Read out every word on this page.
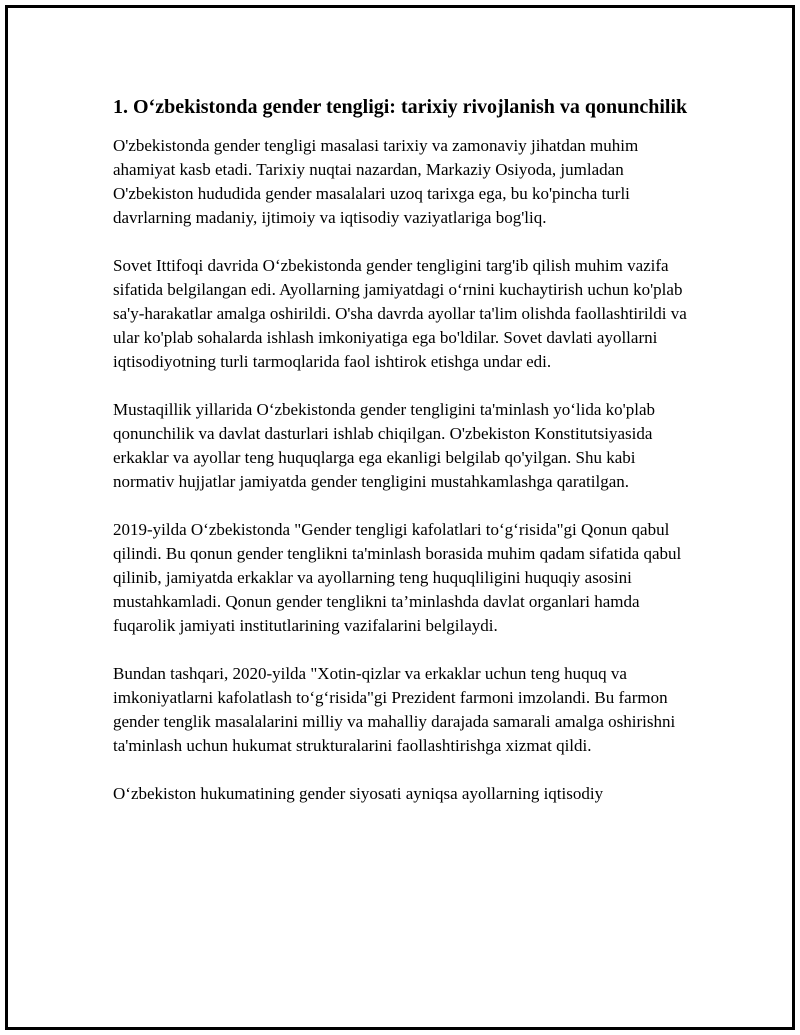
1. O‘zbekistonda gender tengligi: tarixiy rivojlanish va qonunchilik

O'zbekistonda gender tengligi masalasi tarixiy va zamonaviy jihatdan muhim ahamiyat kasb etadi. Tarixiy nuqtai nazardan, Markaziy Osiyoda, jumladan O'zbekiston hududida gender masalalari uzoq tarixga ega, bu ko'pincha turli davrlarning madaniy, ijtimoiy va iqtisodiy vaziyatlariga bog'liq.

Sovet Ittifoqi davrida O‘zbekistonda gender tengligini targ'ib qilish muhim vazifa sifatida belgilangan edi. Ayollarning jamiyatdagi o‘rnini kuchaytirish uchun ko'plab sa'y-harakatlar amalga oshirildi. O'sha davrda ayollar ta'lim olishda faollashtirildi va ular ko'plab sohalarda ishlash imkoniyatiga ega bo'ldilar. Sovet davlati ayollarni iqtisodiyotning turli tarmoqlarida faol ishtirok etishga undar edi.

Mustaqillik yillarida O‘zbekistonda gender tengligini ta'minlash yo‘lida ko'plab qonunchilik va davlat dasturlari ishlab chiqilgan. O'zbekiston Konstitutsiyasida erkaklar va ayollar teng huquqlarga ega ekanligi belgilab qo'yilgan. Shu kabi normativ hujjatlar jamiyatda gender tengligini mustahkamlashga qaratilgan.

2019-yilda O‘zbekistonda "Gender tengligi kafolatlari to‘g‘risida"gi Qonun qabul qilindi. Bu qonun gender tenglikni ta'minlash borasida muhim qadam sifatida qabul qilinib, jamiyatda erkaklar va ayollarning teng huquqliligini huquqiy asosini mustahkamladi. Qonun gender tenglikni ta’minlashda davlat organlari hamda fuqarolik jamiyati institutlarining vazifalarini belgilaydi.

Bundan tashqari, 2020-yilda "Xotin-qizlar va erkaklar uchun teng huquq va imkoniyatlarni kafolatlash to‘g‘risida"gi Prezident farmoni imzolandi. Bu farmon gender tenglik masalalarini milliy va mahalliy darajada samarali amalga oshirishni ta'minlash uchun hukumat strukturalarini faollashtirishga xizmat qildi.

O‘zbekiston hukumatining gender siyosati ayniqsa ayollarning iqtisodiy
